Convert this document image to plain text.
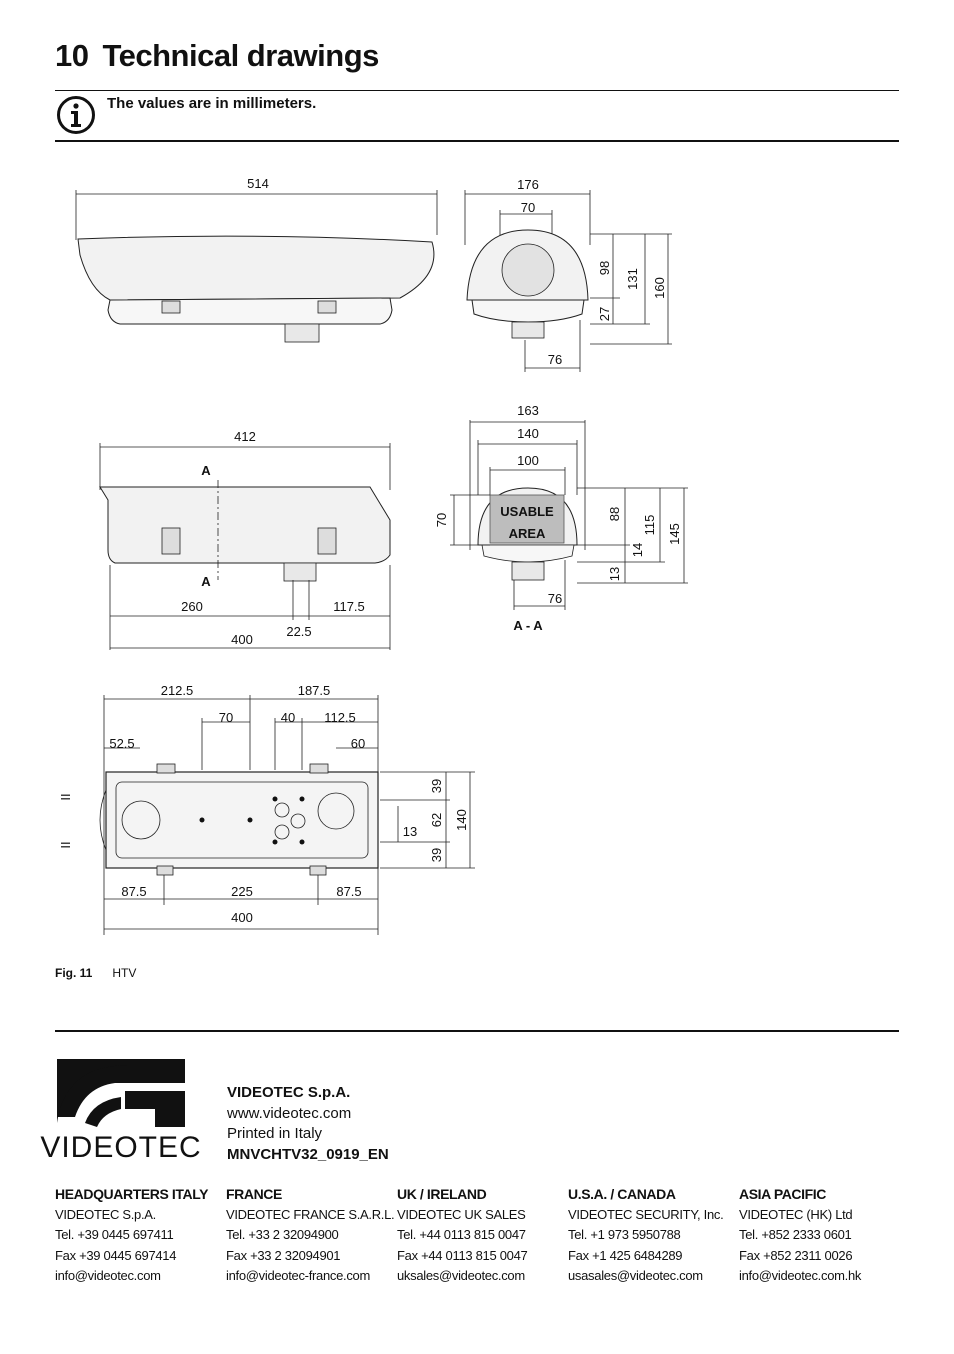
10 Technical drawings
The values are in millimeters.
514	176
70
76
98
131 160
27
412
A
A
260	117.5
22.5
400
163
140
100
USABLE
AREA
76
A - A
70	88
115 145
14
13
212.5	187.5
70	40 112.5
52.5	60
39
62
39
140
13
87.5	225	87.5
400
II
II
Fig. 11 HTV
VIDEOTEC
VIDEOTEC S.p.A.
www.videotec.com
Printed in Italy
MNVCHTV32_0919_EN
HEADQUARTERS ITALY
VIDEOTEC S.p.A.
Tel. +39 0445 697411
Fax +39 0445 697414
info@videotec.com
FRANCE
VIDEOTEC FRANCE S.A.R.L.
Tel. +33 2 32094900
Fax +33 2 32094901
info@videotec-france.com
UK / IRELAND
VIDEOTEC UK SALES
Tel. +44 0113 815 0047
Fax +44 0113 815 0047
uksales@videotec.com
U.S.A. / CANADA
VIDEOTEC SECURITY, Inc.
Tel. +1 973 5950788
Fax +1 425 6484289
usasales@videotec.com
ASIA PACIFIC
VIDEOTEC (HK) Ltd
Tel. +852 2333 0601
Fax +852 2311 0026
info@videotec.com.hk
